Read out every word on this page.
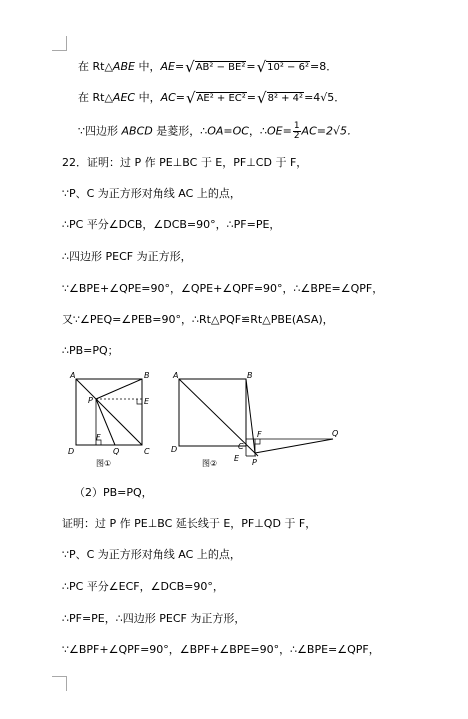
在 Rt△ABE 中，AE=√AB² − BE²=√10² − 6²=8．
在 Rt△AEC 中，AC=√AE² + EC²=√8² + 4²=4√5．
∵四边形 ABCD 是菱形，∴OA=OC，∴OE= $\frac{1}{2} AC=2√5$．
22．证明：过 P 作 PE⊥BC 于 E，PF⊥CD 于 F，
∵P、C 为正方形对角线 AC 上的点，
∴PC 平分∠DCB，∠DCB=90°，∴PF=PE，
∴四边形 PECF 为正方形，
∵∠BPE+∠QPE=90°，∠QPE+∠QPF=90°，∴∠BPE=∠QPF，
又∵∠PEQ=∠PEB=90°，∴Rt△PQF≌Rt△PBE(ASA)，
∴PB=PQ；
A	B
C
D
E
F
P
Q
图①
A	B
C
D
E
F
P
Q
图②
（2）PB=PQ，
证明：过 P 作 PE⊥BC 延长线于 E，PF⊥QD 于 F，
∵P、C 为正方形对角线 AC 上的点，
∴PC 平分∠ECF，∠DCB=90°，
∴PF=PE，∴四边形 PECF 为正方形，
∵∠BPF+∠QPF=90°，∠BPF+∠BPE=90°，∴∠BPE=∠QPF，
